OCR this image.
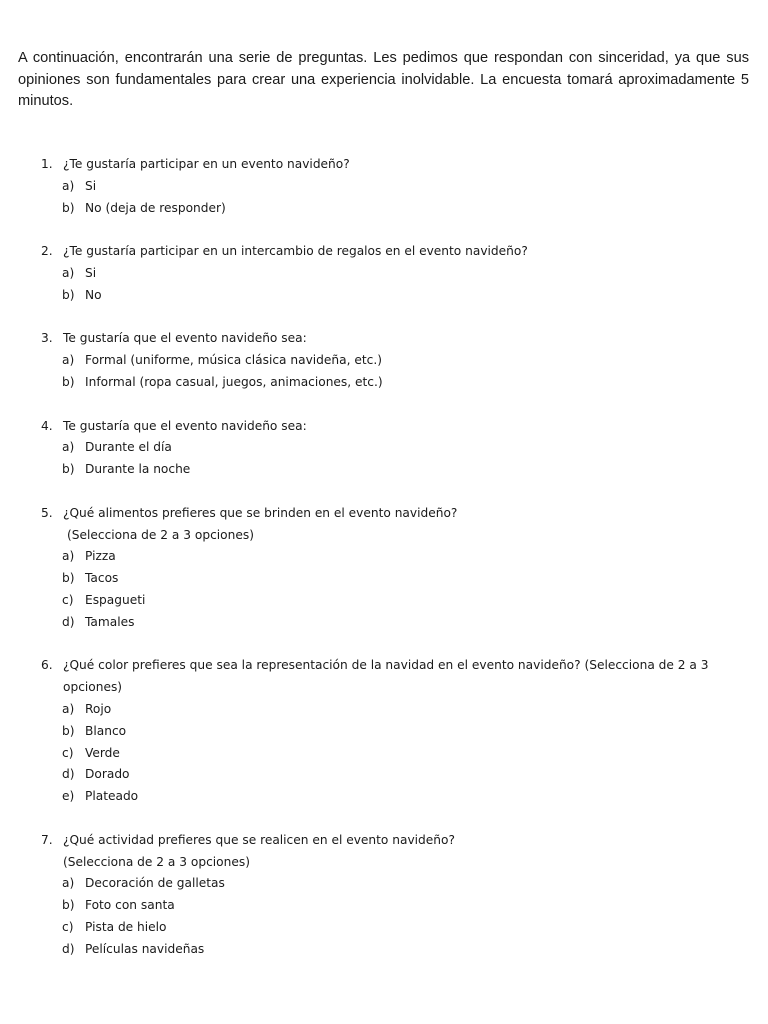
A continuación, encontrarán una serie de preguntas. Les pedimos que respondan con sinceridad, ya que sus opiniones son fundamentales para crear una experiencia inolvidable. La encuesta tomará aproximadamente 5 minutos.

1. ¿Te gustaría participar en un evento navideño?
a) Si
b) No (deja de responder)
2. ¿Te gustaría participar en un intercambio de regalos en el evento navideño?
a) Si
b) No
3. Te gustaría que el evento navideño sea:
a) Formal (uniforme, música clásica navideña, etc.)
b) Informal (ropa casual, juegos, animaciones, etc.)
4. Te gustaría que el evento navideño sea:
a) Durante el día
b) Durante la noche
5. ¿Qué alimentos prefieres que se brinden en el evento navideño?
(Selecciona de 2 a 3 opciones)
a) Pizza
b) Tacos
c) Espagueti
d) Tamales
6. ¿Qué color prefieres que sea la representación de la navidad en el evento navideño? (Selecciona de 2 a 3
opciones)
a) Rojo
b) Blanco
c) Verde
d) Dorado
e) Plateado
7. ¿Qué actividad prefieres que se realicen en el evento navideño?
(Selecciona de 2 a 3 opciones)
a) Decoración de galletas
b) Foto con santa
c) Pista de hielo
d) Películas navideñas
